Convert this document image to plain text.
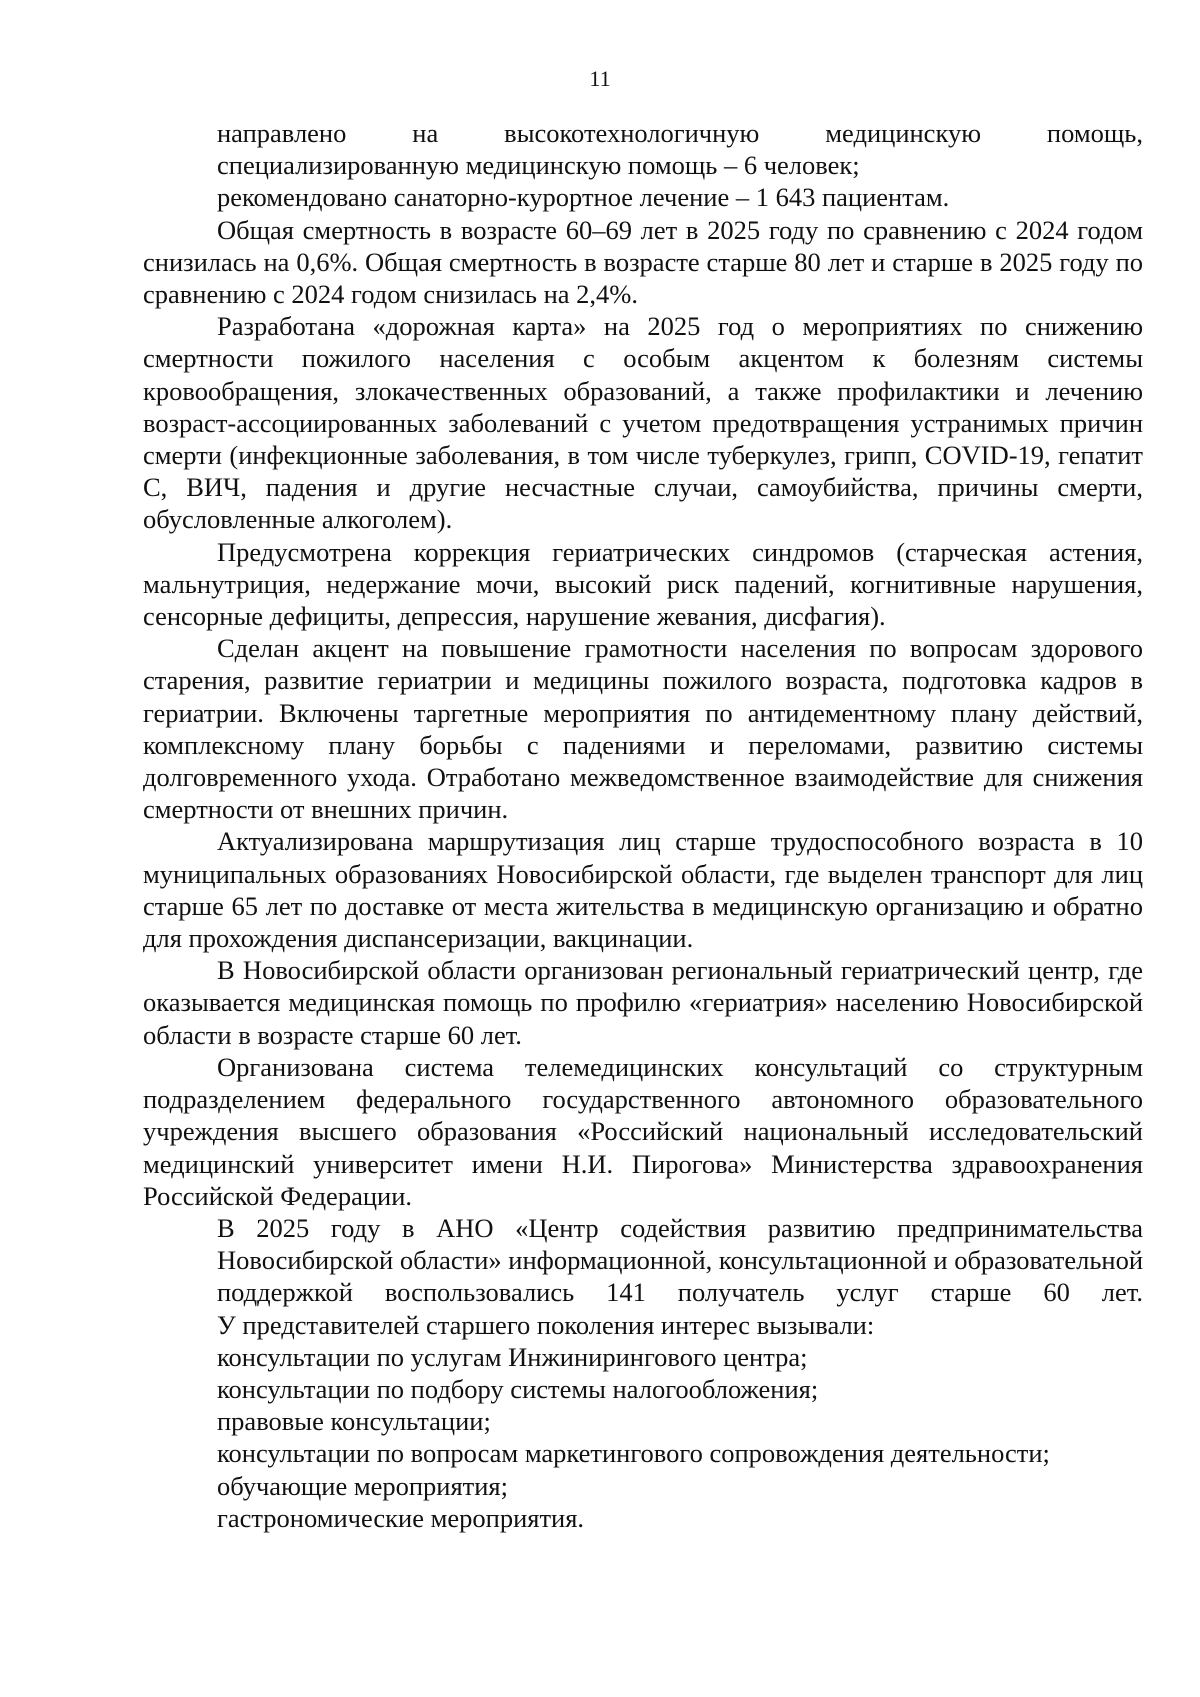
11

направлено на высокотехнологичную медицинскую помощь,
специализированную медицинскую помощь – 6 человек;

рекомендовано санаторно-курортное лечение – 1 643 пациентам.

Общая смертность в возрасте 60–69 лет в 2025 году по сравнению с 2024 годом снизилась на 0,6%. Общая смертность в возрасте старше 80 лет и старше в 2025 году по сравнению с 2024 годом снизилась на 2,4%.

Разработана «дорожная карта» на 2025 год о мероприятиях по снижению смертности пожилого населения с особым акцентом к болезням системы кровообращения, злокачественных образований, а также профилактики и лечению возраст-ассоциированных заболеваний с учетом предотвращения устранимых причин смерти (инфекционные заболевания, в том числе туберкулез, грипп, COVID-19, гепатит С, ВИЧ, падения и другие несчастные случаи, самоубийства, причины смерти, обусловленные алкоголем).

Предусмотрена коррекция гериатрических синдромов (старческая астения, мальнутриция, недержание мочи, высокий риск падений, когнитивные нарушения, сенсорные дефициты, депрессия, нарушение жевания, дисфагия).

Сделан акцент на повышение грамотности населения по вопросам здорового старения, развитие гериатрии и медицины пожилого возраста, подготовка кадров в гериатрии. Включены таргетные мероприятия по антидементному плану действий, комплексному плану борьбы с падениями и переломами, развитию системы долговременного ухода. Отработано межведомственное взаимодействие для снижения смертности от внешних причин.

Актуализирована маршрутизация лиц старше трудоспособного возраста в 10 муниципальных образованиях Новосибирской области, где выделен транспорт для лиц старше 65 лет по доставке от места жительства в медицинскую организацию и обратно для прохождения диспансеризации, вакцинации.

В Новосибирской области организован региональный гериатрический центр, где оказывается медицинская помощь по профилю «гериатрия» населению Новосибирской области в возрасте старше 60 лет.

Организована система телемедицинских консультаций со структурным подразделением федерального государственного автономного образовательного учреждения высшего образования «Российский национальный исследовательский медицинский университет имени Н.И. Пирогова» Министерства здравоохранения Российской Федерации.

В 2025 году в АНО «Центр содействия развитию предпринимательства
Новосибирской области» информационной, консультационной и образовательной
поддержкой воспользовались 141 получатель услуг старше 60 лет.
У представителей старшего поколения интерес вызывали:

консультации по услугам Инжинирингового центра;

консультации по подбору системы налогообложения;

правовые консультации;

консультации по вопросам маркетингового сопровождения деятельности;

обучающие мероприятия;

гастрономические мероприятия.
